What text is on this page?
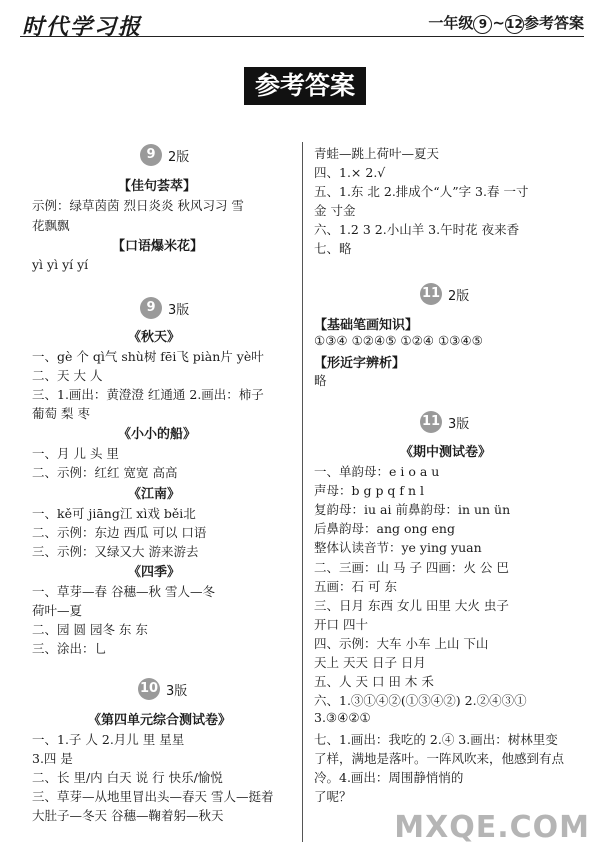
时代学习报	一年级 9 ~12参考答案
参考答案
9 2版
【佳句荟萃】
示例：绿草茵茵 烈日炎炎 秋风习习 雪
花飘飘
【口语爆米花】
yì yì yí yí
9 3版
《秋天》
一、gè 个 qì气 shù树 fēi飞 piàn片 yè叶
二、天 大 人
三、1.画出：黄澄澄 红通通 2.画出：柿子
葡萄 梨 枣
《小小的船》
一、月 儿 头 里
二、示例：红红 宽宽 高高
《江南》
一、kě可 jiāng江 xì戏 běi北
二、示例：东边 西瓜 可以 口语
三、示例：又绿又大 游来游去
《四季》
一、草芽—春 谷穗—秋 雪人—冬
荷叶—夏
二、园 圆 园冬 东 东
三、涂出：乚
10 3版
《第四单元综合测试卷》
一、1.子 人 2.月儿 里 星星
3.四 是
二、长 里/内 白天 说 行 快乐/愉悦
三、草芽—从地里冒出头—春天 雪人—挺着
大肚子—冬天 谷穗—鞠着躬—秋天
青蛙—跳上荷叶—夏天
四、1.× 2.√
五、1.东 北 2.排成个“人”字 3.春 一寸
金 寸金
六、1.2 3 2.小山羊 3.午时花 夜来香
七、略
11 2版
【基础笔画知识】
①③④ ①②④⑤ ①②④ ①③④⑤
【形近字辨析】
略
11 3版
《期中测试卷》
一、单韵母：e i o a u
声母：b g p q f n l
复韵母：iu ai 前鼻韵母：in un ün
后鼻韵母：ang ong eng
整体认读音节：ye ying yuan
二、三画：山 马 子 四画：火 公 巴
五画：石 可 东
三、日月 东西 女儿 田里 大火 虫子
开口 四十
四、示例：大车 小车 上山 下山
天上 天天 日子 日月
五、人 天 口 田 木 禾
六、1.③①④②(①③④②) 2.②④③①
3.③④②①
七、1.画出：我吃的 2.④ 3.画出：树林里变
了样，满地是落叶。一阵风吹来，他感到有点
冷。4.画出：周围静悄悄的
了呢？
MXQE.COM
